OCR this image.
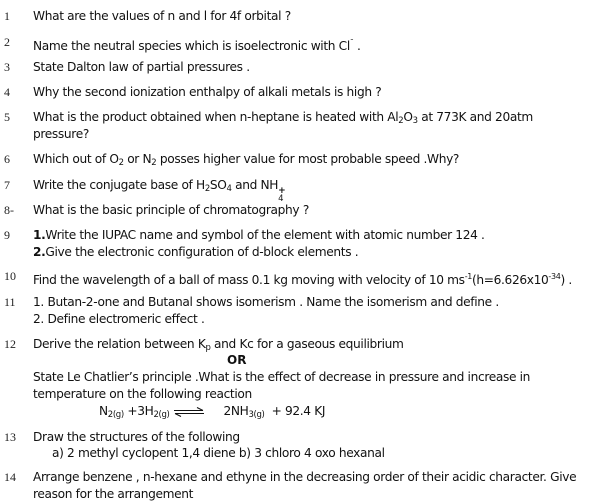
1 What are the values of n and l for 4f orbital ?
2 Name the neutral species which is isoelectronic with $Cl^ˉ$ .
3 State Dalton law of partial pressures .
4 Why the second ionization enthalpy of alkali metals is high ?
5 What is the product obtained when n-heptane is heated with $Al_2O_3$ at 773K and 20atm
pressure?
6 Which out of $O_2$ or $N_2$ posses higher value for most probable speed .Why?
7 Write the conjugate base of $H_2SO_4$ and NH
4
+
8- What is the basic principle of chromatography ?
9 1.Write the IUPAC name and symbol of the element with atomic number 124 .
2.Give the electronic configuration of d-block elements .
10 Find the wavelength of a ball of mass 0.1 kg moving with velocity of 10 $ms^{-1}(h=6.626x10^{-34})$ .
11 1. Butan-2-one and Butanal shows isomerism . Name the isomerism and define .
2. Define electromeric effect .
12 Derive the relation between $K_p$ and Kc for a gaseous equilibrium
OR
State Le Chatlier’s principle .What is the effect of decrease in pressure and increase in
temperature on the following reaction
$N_{2(g)} +3H_{2(g)}$ ⇌ $2NH_{3(g)} + 92.4$ KJ
13 Draw the structures of the following
a) 2 methyl cyclopent 1,4 diene b) 3 chloro 4 oxo hexanal
14 Arrange benzene , n-hexane and ethyne in the decreasing order of their acidic character. Give
reason for the arrangement
